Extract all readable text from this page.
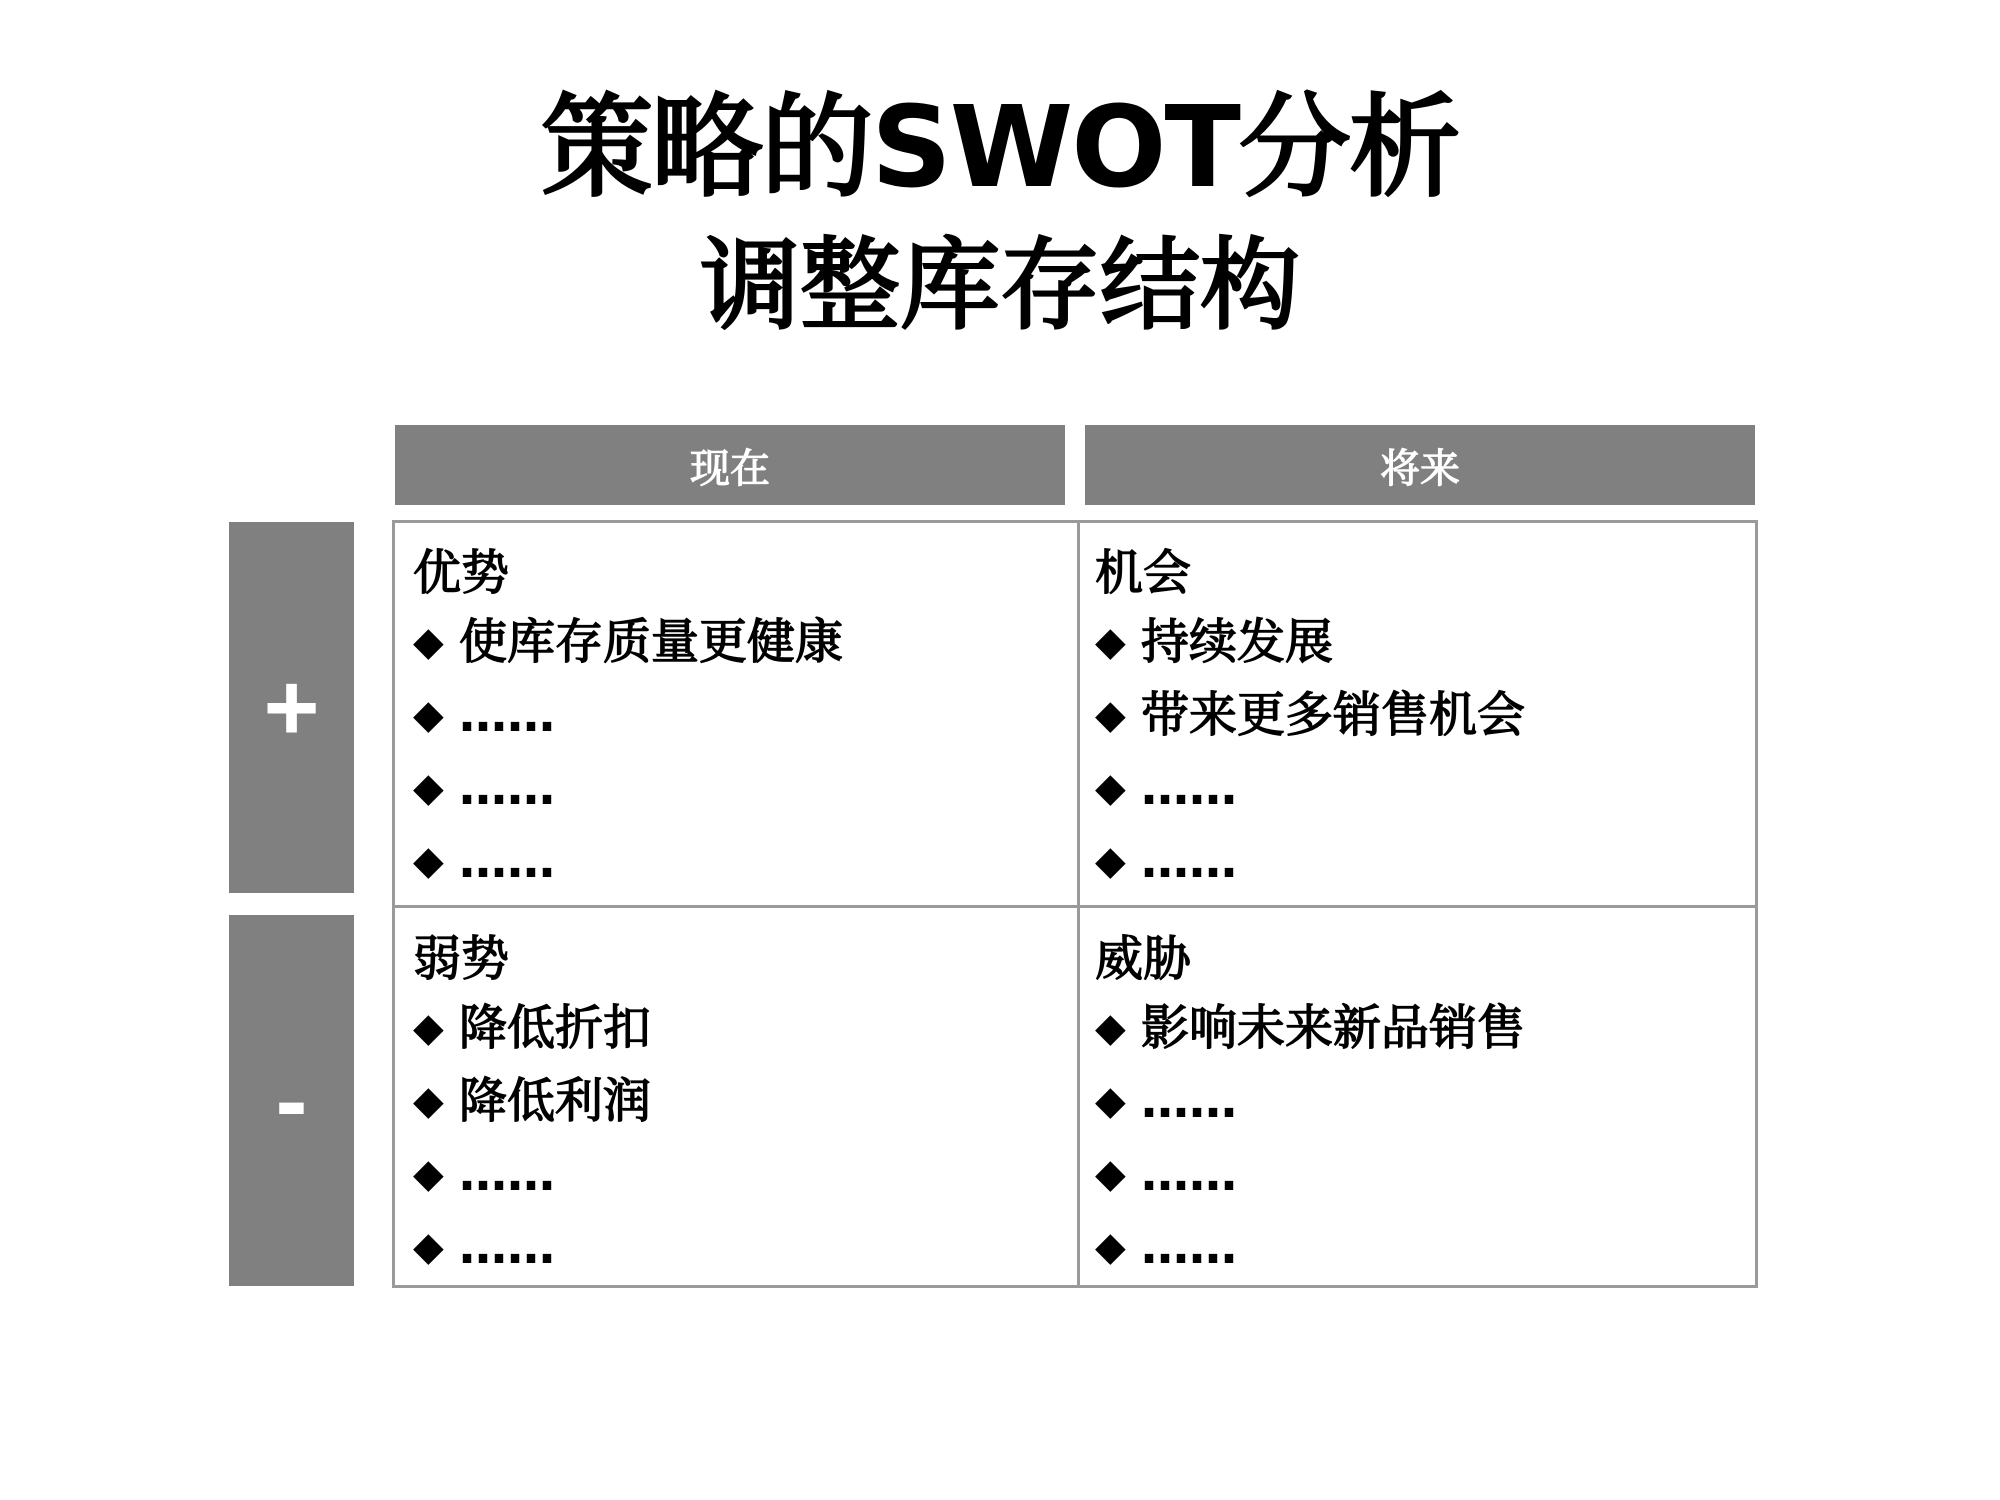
策略的SWOT分析
调整库存结构
现在	将来
+
-
优势
◆ 使库存质量更健康
◆ ……
◆ ……
◆ ……
机会
◆ 持续发展
◆ 带来更多销售机会
◆ ……
◆ ……
弱势
◆ 降低折扣
◆ 降低利润
◆ ……
◆ ……
威胁
◆ 影响未来新品销售
◆ ……
◆ ……
◆ ……
